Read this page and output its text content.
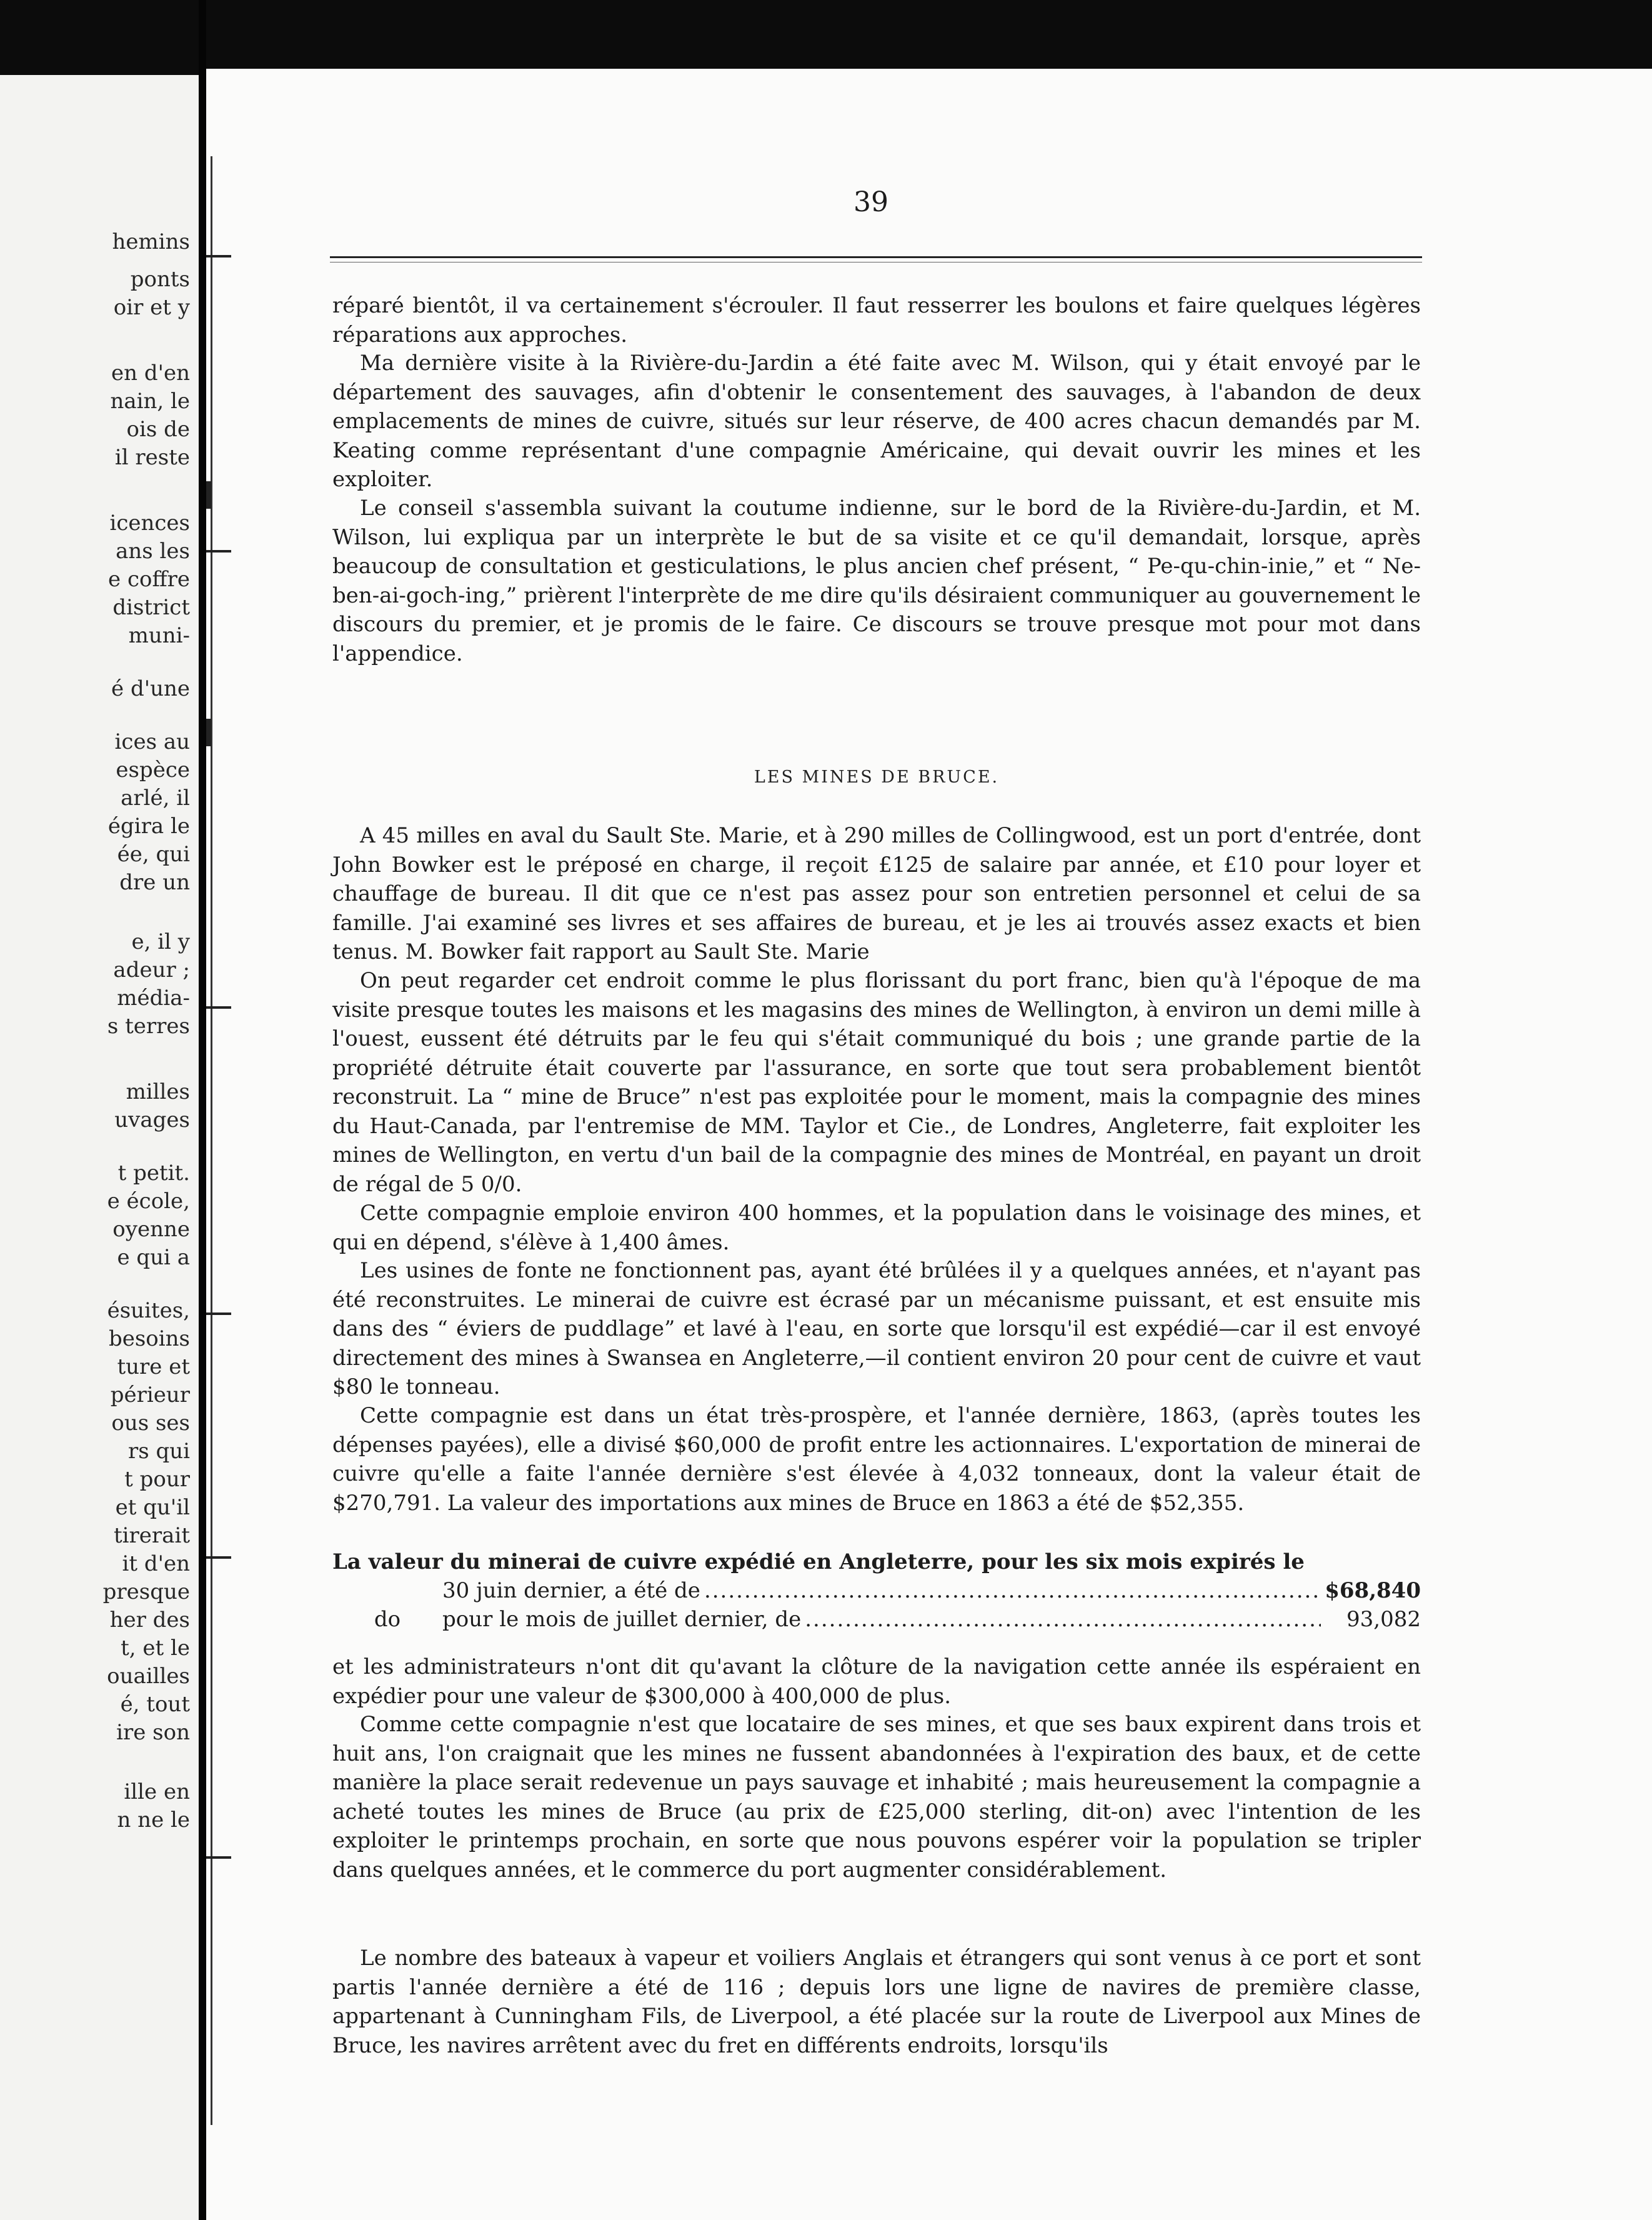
hemins
ponts
oir et y
en d'en
nain, le
ois de
il reste
icences
ans les
e coffre
district
muni-
é d'une
ices au
espèce
arlé, il
égira le
ée, qui
dre un
e, il y
adeur ;
média-
s terres
milles
uvages
t petit.
e école,
oyenne
e qui a
ésuites,
besoins
ture et
périeur
ous ses
rs qui
t pour
et qu'il
tirerait
it d'en
presque
her des
t, et le
ouailles
é, tout
ire son
ille en
n ne le
39

réparé bientôt, il va certainement s'écrouler. Il faut resserrer les boulons et faire quelques légères réparations aux approches.

Ma dernière visite à la Rivière-du-Jardin a été faite avec M. Wilson, qui y était envoyé par le département des sauvages, afin d'obtenir le consentement des sauvages, à l'abandon de deux emplacements de mines de cuivre, situés sur leur réserve, de 400 acres chacun demandés par M. Keating comme représentant d'une compagnie Américaine, qui devait ouvrir les mines et les exploiter.

Le conseil s'assembla suivant la coutume indienne, sur le bord de la Rivière-du-Jardin, et M. Wilson, lui expliqua par un interprète le but de sa visite et ce qu'il demandait, lorsque, après beaucoup de consultation et gesticulations, le plus ancien chef présent, “ Pe-qu-chin-inie,” et “ Ne-ben-ai-goch-ing,” prièrent l'interprète de me dire qu'ils désiraient communiquer au gouvernement le discours du premier, et je promis de le faire. Ce discours se trouve presque mot pour mot dans l'appendice.

LES MINES DE BRUCE.

A 45 milles en aval du Sault Ste. Marie, et à 290 milles de Collingwood, est un port d'entrée, dont John Bowker est le préposé en charge, il reçoit £125 de salaire par année, et £10 pour loyer et chauffage de bureau. Il dit que ce n'est pas assez pour son entretien personnel et celui de sa famille. J'ai examiné ses livres et ses affaires de bureau, et je les ai trouvés assez exacts et bien tenus. M. Bowker fait rapport au Sault Ste. Marie

On peut regarder cet endroit comme le plus florissant du port franc, bien qu'à l'époque de ma visite presque toutes les maisons et les magasins des mines de Wellington, à environ un demi mille à l'ouest, eussent été détruits par le feu qui s'était communiqué du bois ; une grande partie de la propriété détruite était couverte par l'assurance, en sorte que tout sera probablement bientôt reconstruit. La “ mine de Bruce” n'est pas exploitée pour le moment, mais la compagnie des mines du Haut-Canada, par l'entremise de MM. Taylor et Cie., de Londres, Angleterre, fait exploiter les mines de Wellington, en vertu d'un bail de la compagnie des mines de Montréal, en payant un droit de régal de 5 0/0.

Cette compagnie emploie environ 400 hommes, et la population dans le voisinage des mines, et qui en dépend, s'élève à 1,400 âmes.

Les usines de fonte ne fonctionnent pas, ayant été brûlées il y a quelques années, et n'ayant pas été reconstruites. Le minerai de cuivre est écrasé par un mécanisme puissant, et est ensuite mis dans des “ éviers de puddlage” et lavé à l'eau, en sorte que lorsqu'il est expédié—car il est envoyé directement des mines à Swansea en Angleterre,—il contient environ 20 pour cent de cuivre et vaut $80 le tonneau.

Cette compagnie est dans un état très-prospère, et l'année dernière, 1863, (après toutes les dépenses payées), elle a divisé $60,000 de profit entre les actionnaires. L'exportation de minerai de cuivre qu'elle a faite l'année dernière s'est élevée à 4,032 tonneaux, dont la valeur était de $270,791. La valeur des importations aux mines de Bruce en 1863 a été de $52,355.

La valeur du minerai de cuivre expédié en Angleterre, pour les six mois expirés le

30 juin dernier, a été de .....	$68,840
do	pour le mois de juillet dernier, de .....	93,082

et les administrateurs n'ont dit qu'avant la clôture de la navigation cette année ils espéraient en expédier pour une valeur de $300,000 à 400,000 de plus.

Comme cette compagnie n'est que locataire de ses mines, et que ses baux expirent dans trois et huit ans, l'on craignait que les mines ne fussent abandonnées à l'expiration des baux, et de cette manière la place serait redevenue un pays sauvage et inhabité ; mais heureusement la compagnie a acheté toutes les mines de Bruce (au prix de £25,000 sterling, dit-on) avec l'intention de les exploiter le printemps prochain, en sorte que nous pouvons espérer voir la population se tripler dans quelques années, et le commerce du port augmenter considérablement.

Le nombre des bateaux à vapeur et voiliers Anglais et étrangers qui sont venus à ce port et sont partis l'année dernière a été de 116 ; depuis lors une ligne de navires de première classe, appartenant à Cunningham Fils, de Liverpool, a été placée sur la route de Liverpool aux Mines de Bruce, les navires arrêtent avec du fret en différents endroits, lorsqu'ils
